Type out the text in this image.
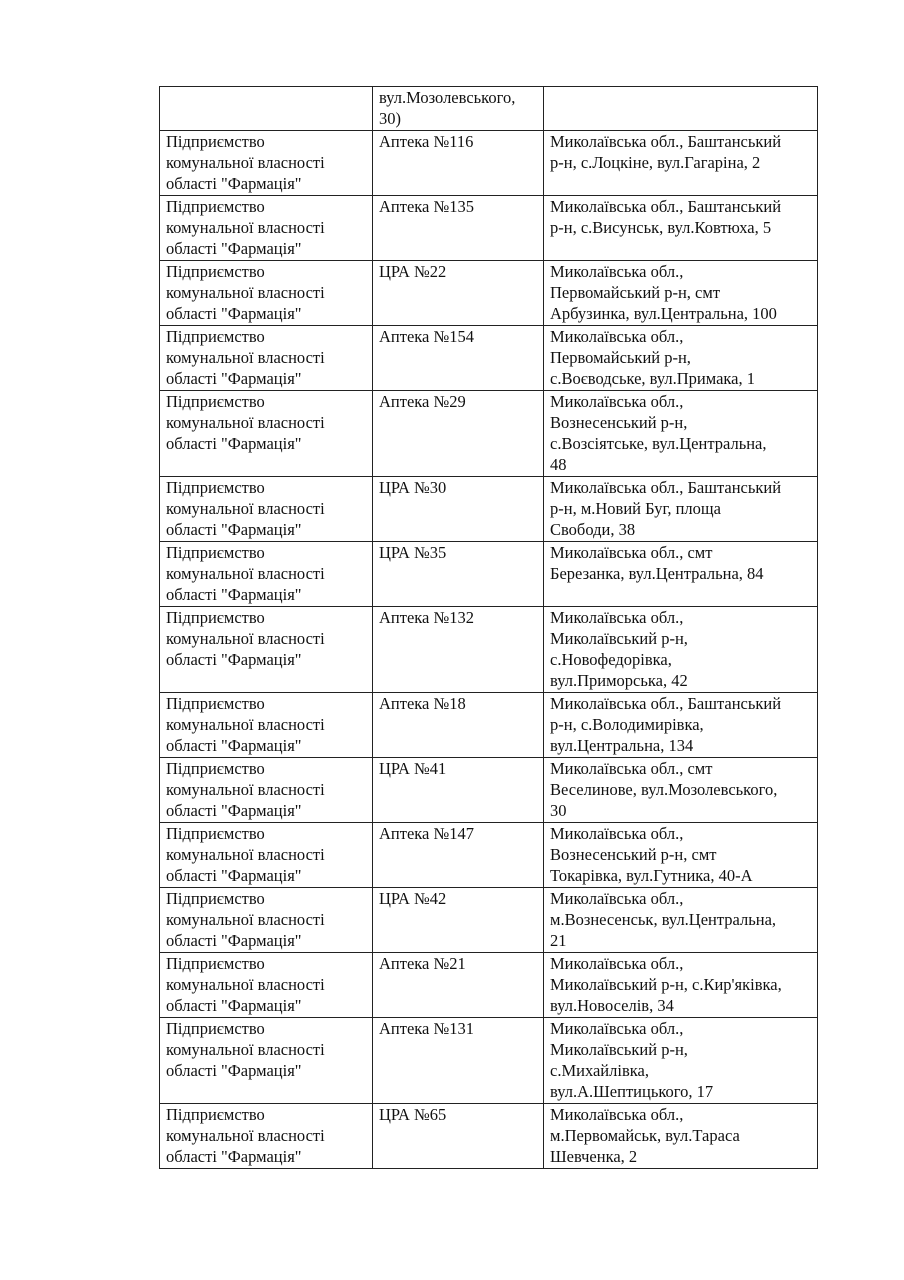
	вул.Мозолевського,
30)	

Підприємство
комунальної власності
області "Фармація"	Аптека №116	Миколаївська обл., Баштанський
р-н, с.Лоцкіне, вул.Гагаріна, 2

Підприємство
комунальної власності
області "Фармація"	Аптека №135	Миколаївська обл., Баштанський
р-н, с.Висунськ, вул.Ковтюха, 5

Підприємство
комунальної власності
області "Фармація"	ЦРА №22	Миколаївська обл.,
Первомайський р-н, смт
Арбузинка, вул.Центральна, 100

Підприємство
комунальної власності
області "Фармація"	Аптека №154	Миколаївська обл.,
Первомайський р-н,
с.Воєводське, вул.Примака, 1

Підприємство
комунальної власності
області "Фармація"	Аптека №29	Миколаївська обл.,
Вознесенський р-н,
с.Возсіятське, вул.Центральна,
48

Підприємство
комунальної власності
області "Фармація"	ЦРА №30	Миколаївська обл., Баштанський
р-н, м.Новий Буг, площа
Свободи, 38

Підприємство
комунальної власності
області "Фармація"	ЦРА №35	Миколаївська обл., смт
Березанка, вул.Центральна, 84

Підприємство
комунальної власності
області "Фармація"	Аптека №132	Миколаївська обл.,
Миколаївський р-н,
с.Новофедорівка,
вул.Приморська, 42

Підприємство
комунальної власності
області "Фармація"	Аптека №18	Миколаївська обл., Баштанський
р-н, с.Володимирівка,
вул.Центральна, 134

Підприємство
комунальної власності
області "Фармація"	ЦРА №41	Миколаївська обл., смт
Веселинове, вул.Мозолевського,
30

Підприємство
комунальної власності
області "Фармація"	Аптека №147	Миколаївська обл.,
Вознесенський р-н, смт
Токарівка, вул.Гутника, 40-А

Підприємство
комунальної власності
області "Фармація"	ЦРА №42	Миколаївська обл.,
м.Вознесенськ, вул.Центральна,
21

Підприємство
комунальної власності
області "Фармація"	Аптека №21	Миколаївська обл.,
Миколаївський р-н, с.Кир'яківка,
вул.Новоселів, 34

Підприємство
комунальної власності
області "Фармація"	Аптека №131	Миколаївська обл.,
Миколаївський р-н,
с.Михайлівка,
вул.А.Шептицького, 17

Підприємство
комунальної власності
області "Фармація"	ЦРА №65	Миколаївська обл.,
м.Первомайськ, вул.Тараса
Шевченка, 2
